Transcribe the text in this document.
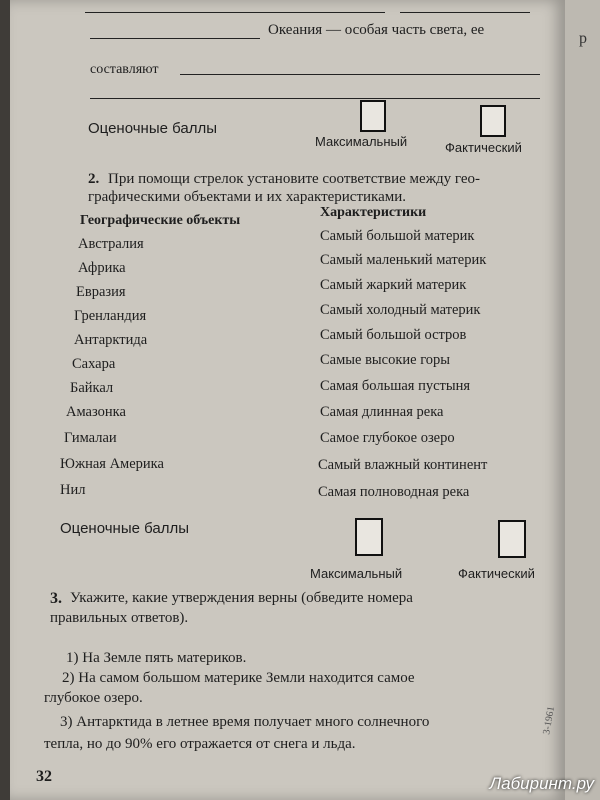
Океания — особая часть света, ее
составляют
Оценочные баллы
Максимальный	Фактический
2. При помощи стрелок установите соответствие между гео-
графическими объектами и их характеристиками.
Географические объекты
Характеристики
Австралия
Африка
Евразия
Гренландия
Антарктида
Сахара
Байкал
Амазонка
Гималаи
Южная Америка
Нил
Самый большой материк
Самый маленький материк
Самый жаркий материк
Самый холодный материк
Самый большой остров
Самые высокие горы
Самая большая пустыня
Самая длинная река
Самое глубокое озеро
Самый влажный континент
Самая полноводная река
Оценочные баллы
Максимальный	Фактический
3. Укажите, какие утверждения верны (обведите номера
правильных ответов).
1) На Земле пять материков.
2) На самом большом материке Земли находится самое
глубокое озеро.
3) Антарктида в летнее время получает много солнечного
тепла, но до 90% его отражается от снега и льда.
32
3-1961
р
Лабиринт.ру
